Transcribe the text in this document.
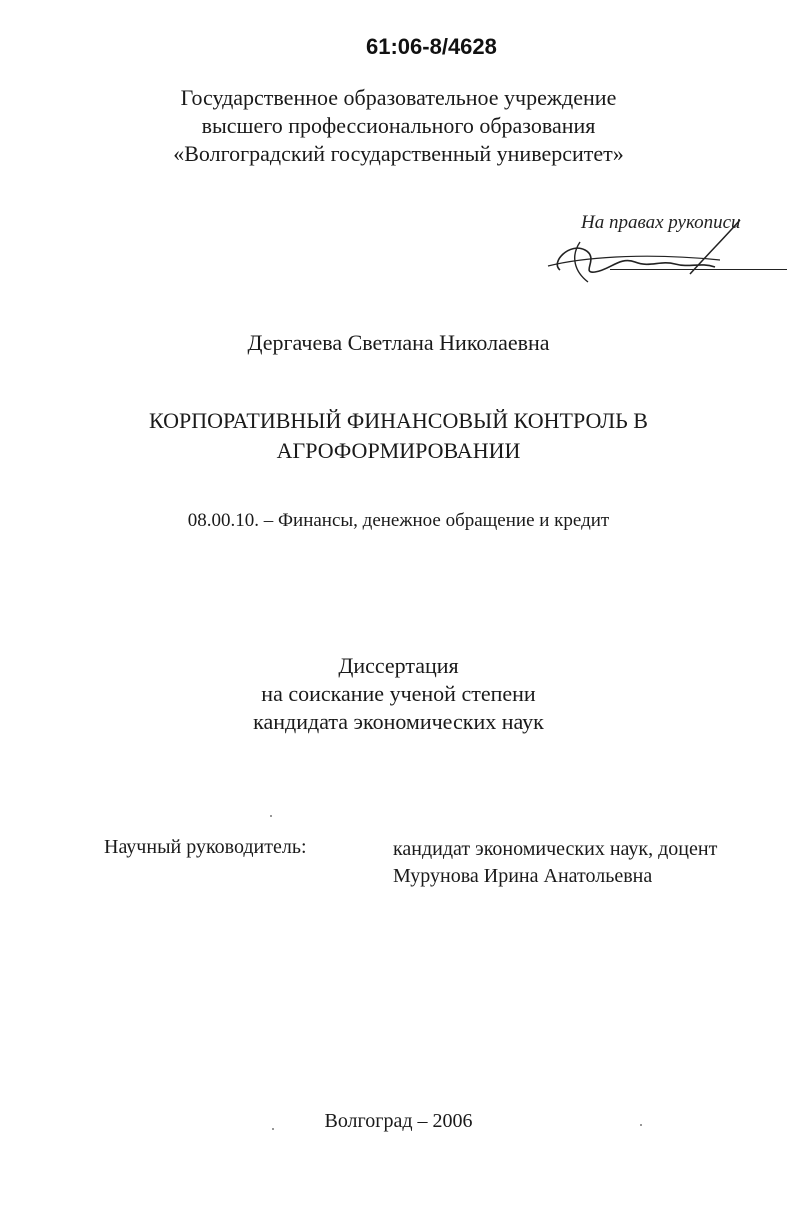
61:06-8/4628
Государственное образовательное учреждение
высшего профессионального образования
«Волгоградский государственный университет»
На правах рукописи
Дергачева Светлана Николаевна
КОРПОРАТИВНЫЙ ФИНАНСОВЫЙ КОНТРОЛЬ В
АГРОФОРМИРОВАНИИ
08.00.10. – Финансы, денежное обращение и кредит
Диссертация
на соискание ученой степени
кандидата экономических наук
Научный руководитель:	кандидат экономических наук, доцент
Мурунова Ирина Анатольевна
Волгоград – 2006
